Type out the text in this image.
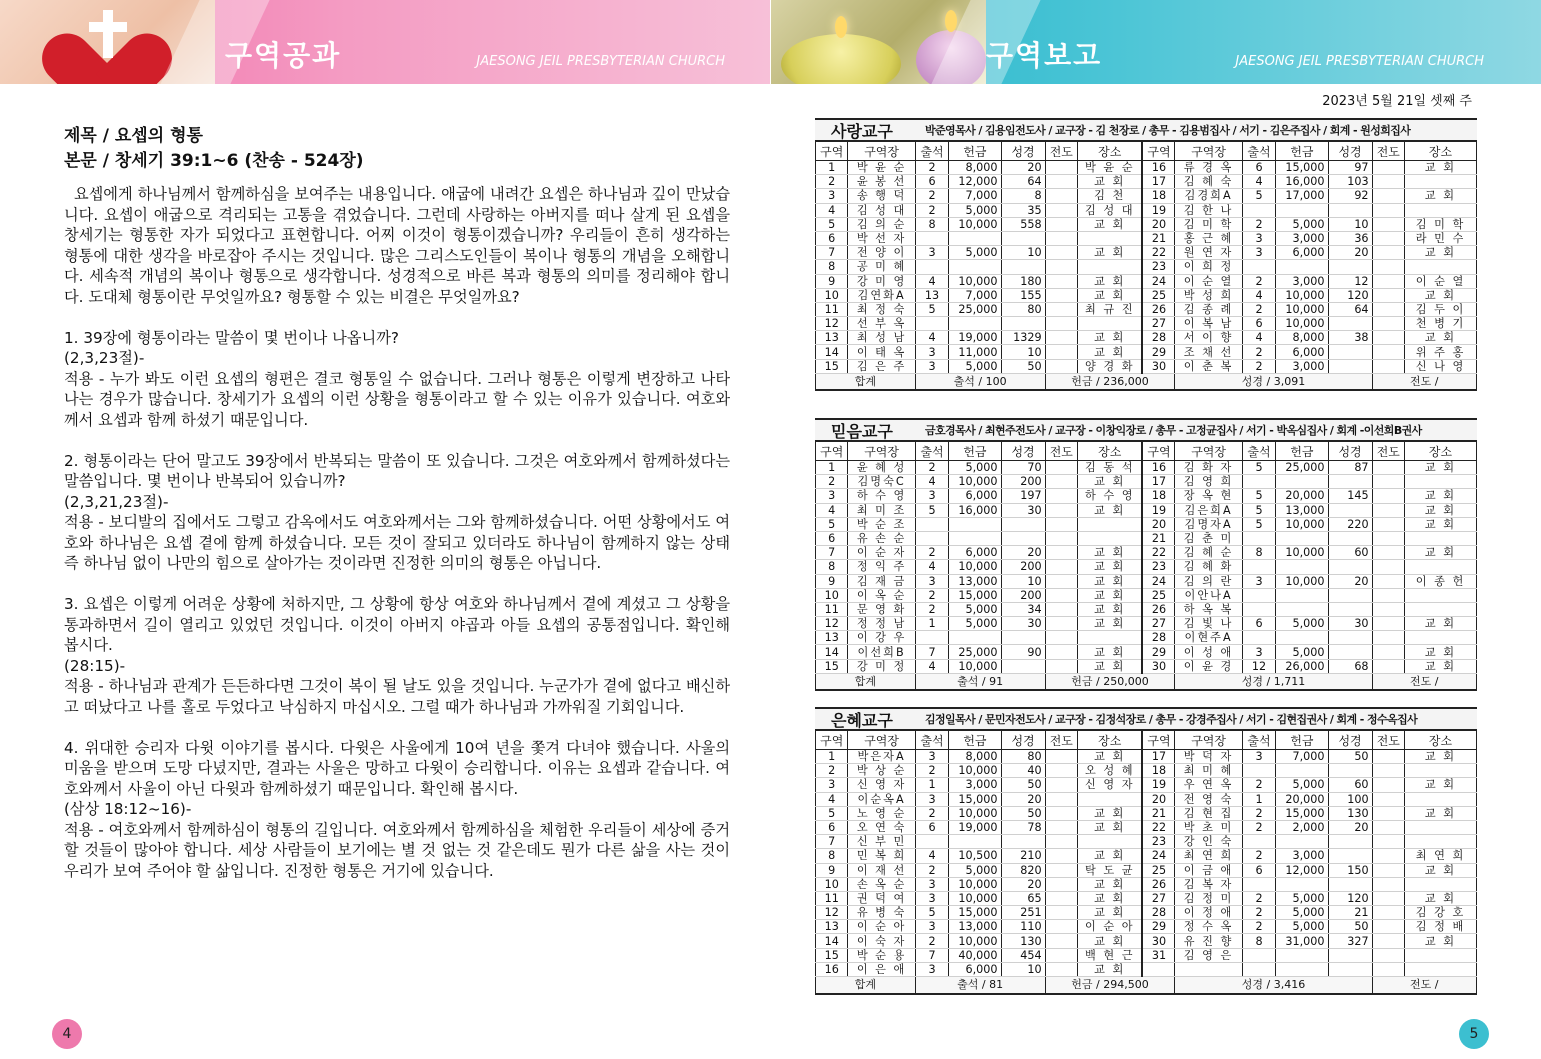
구역공과	JAESONG JEIL PRESBYTERIAN CHURCH	구역보고	JAESONG JEIL PRESBYTERIAN CHURCH
제목 / 요셉의 형통
본문 / 창세기 39:1~6 (찬송 - 524장)
요셉에게 하나님께서 함께하심을 보여주는 내용입니다. 애굽에 내려간 요셉은 하나님과 깊이 만났습니다. 요셉이 애굽으로 격리되는 고통을 겪었습니다. 그런데 사랑하는 아버지를 떠나 살게 된 요셉을 창세기는 형통한 자가 되었다고 표현합니다. 어찌 이것이 형통이겠습니까? 우리들이 흔히 생각하는 형통에 대한 생각을 바로잡아 주시는 것입니다. 많은 그리스도인들이 복이나 형통의 개념을 오해합니다. 세속적 개념의 복이나 형통으로 생각합니다. 성경적으로 바른 복과 형통의 의미를 정리해야 합니다. 도대체 형통이란 무엇일까요? 형통할 수 있는 비결은 무엇일까요?

1. 39장에 형통이라는 말씀이 몇 번이나 나옵니까?
(2,3,23절)-
적용 - 누가 봐도 이런 요셉의 형편은 결코 형통일 수 없습니다. 그러나 형통은 이렇게 변장하고 나타나는 경우가 많습니다. 창세기가 요셉의 이런 상황을 형통이라고 할 수 있는 이유가 있습니다. 여호와께서 요셉과 함께 하셨기 때문입니다.

2. 형통이라는 단어 말고도 39장에서 반복되는 말씀이 또 있습니다. 그것은 여호와께서 함께하셨다는 말씀입니다. 몇 번이나 반복되어 있습니까?
(2,3,21,23절)-
적용 - 보디발의 집에서도 그렇고 감옥에서도 여호와께서는 그와 함께하셨습니다. 어떤 상황에서도 여호와 하나님은 요셉 곁에 함께 하셨습니다. 모든 것이 잘되고 있더라도 하나님이 함께하지 않는 상태 즉 하나님 없이 나만의 힘으로 살아가는 것이라면 진정한 의미의 형통은 아닙니다.

3. 요셉은 이렇게 어려운 상황에 처하지만, 그 상황에 항상 여호와 하나님께서 곁에 계셨고 그 상황을 통과하면서 길이 열리고 있었던 것입니다. 이것이 아버지 야곱과 아들 요셉의 공통점입니다. 확인해 봅시다.
(28:15)-
적용 - 하나님과 관계가 든든하다면 그것이 복이 될 날도 있을 것입니다. 누군가가 곁에 없다고 배신하고 떠났다고 나를 홀로 두었다고 낙심하지 마십시오. 그럴 때가 하나님과 가까워질 기회입니다.

4. 위대한 승리자 다윗 이야기를 봅시다. 다윗은 사울에게 10여 년을 쫓겨 다녀야 했습니다. 사울의 미움을 받으며 도망 다녔지만, 결과는 사울은 망하고 다윗이 승리합니다. 이유는 요셉과 같습니다. 여호와께서 사울이 아닌 다윗과 함께하셨기 때문입니다. 확인해 봅시다.
(삼상 18:12~16)-
적용 - 여호와께서 함께하심이 형통의 길입니다. 여호와께서 함께하심을 체험한 우리들이 세상에 증거 할 것들이 많아야 합니다. 세상 사람들이 보기에는 별 것 없는 것 같은데도 뭔가 다른 삶을 사는 것이 우리가 보여 주어야 할 삶입니다. 진정한 형통은 거기에 있습니다.
2023년 5월 21일 셋째 주
사랑교구	박준영목사 / 김용임전도사 / 교구장 - 김 천장로 / 총무 - 김용범집사 / 서기 - 김은주집사 / 회계 - 원성희집사
구역	구역장	출석	헌금	성경	전도	장소	구역	구역장	출석	헌금	성경	전도	장소
1	박 윤 순	2	8,000	20		박 윤 순	16	류 경 옥	6	15,000	97		교 회
2	윤 봉 선	6	12,000	64		교 회	17	김 혜 숙	4	16,000	103		
3	송 행 덕	2	7,000	8		김 천	18	김경희A	5	17,000	92		교 회
4	김 성 대	2	5,000	35		김 성 대	19	김 한 나					
5	김 의 순	8	10,000	558		교 회	20	김 미 학	2	5,000	10		김 미 학
6	박 선 자						21	홍 근 혜	3	3,000	36		라 민 수
7	전 양 이	3	5,000	10		교 회	22	원 연 자	3	6,000	20		교 회
8	공 미 혜						23	이 희 정					
9	강 미 영	4	10,000	180		교 회	24	이 순 열	2	3,000	12		이 순 열
10	김연화A	13	7,000	155		교 회	25	박 성 희	4	10,000	120		교 회
11	최 정 숙	5	25,000	80		최 규 진	26	김 종 례	2	10,000	64		김 두 이
12	선 부 옥						27	이 복 남	6	10,000			천 병 기
13	최 성 남	4	19,000	1329		교 회	28	서 이 향	4	8,000	38		교 회
14	이 태 옥	3	11,000	10		교 회	29	조 채 선	2	6,000			위 주 홍
15	김 은 주	3	5,000	50		양 경 화	30	이 춘 복	2	3,000			신 나 영
합계		출석 / 100			헌금 / 236,000			성경 / 3,091				전도 /	
믿음교구	금호경목사 / 최현주전도사 / 교구장 - 이창익장로 / 총무 - 고정균집사 / 서기 - 박옥심집사 / 회계 -이선희B권사
구역	구역장	출석	헌금	성경	전도	장소	구역	구역장	출석	헌금	성경	전도	장소
1	윤 혜 성	2	5,000	70		김 동 석	16	김 화 자	5	25,000	87		교 회
2	김명숙C	4	10,000	200		교 회	17	김 영 희					
3	하 수 영	3	6,000	197		하 수 영	18	장 옥 현	5	20,000	145		교 회
4	최 미 조	5	16,000	30		교 회	19	김은희A	5	13,000			교 회
5	박 순 조						20	김명자A	5	10,000	220		교 회
6	유 손 순						21	김 춘 미					
7	이 순 자	2	6,000	20		교 회	22	김 혜 순	8	10,000	60		교 회
8	정 익 주	4	10,000	200		교 회	23	김 혜 화					
9	김 재 금	3	13,000	10		교 회	24	김 의 란	3	10,000	20		이 종 헌
10	이 옥 순	2	15,000	200		교 회	25	이안나A					
11	문 영 화	2	5,000	34		교 회	26	하 옥 복					
12	정 정 남	1	5,000	30		교 회	27	김 빛 나	6	5,000	30		교 회
13	이 강 우						28	이현주A					
14	이선희B	7	25,000	90		교 회	29	이 성 애	3	5,000			교 회
15	강 미 정	4	10,000			교 회	30	이 윤 경	12	26,000	68		교 회
합계		출석 / 91			헌금 / 250,000			성경 / 1,711				전도 /	
은혜교구	김정일목사 / 문민자전도사 / 교구장 - 김정석장로 / 총무 - 강경주집사 / 서기 - 김현집권사 / 회계 - 정수옥집사
구역	구역장	출석	헌금	성경	전도	장소	구역	구역장	출석	헌금	성경	전도	장소
1	박은자A	3	8,000	80		교 회	17	박 덕 자	3	7,000	50		교 회
2	박 상 순	2	10,000	40		오 성 혜	18	최 미 혜					
3	신 영 자	1	3,000	50		신 영 자	19	우 연 옥	2	5,000	60		교 회
4	이순옥A	3	15,000	20			20	전 영 숙	1	20,000	100		
5	노 영 순	2	10,000	50		교 회	21	김 현 집	2	15,000	130		교 회
6	오 연 숙	6	19,000	78		교 회	22	박 초 미	2	2,000	20		
7	신 부 민						23	강 인 숙					
8	민 복 희	4	10,500	210		교 회	24	최 연 희	2	3,000			최 연 희
9	이 재 선	2	5,000	820		탁 도 균	25	이 금 애	6	12,000	150		교 회
10	손 옥 순	3	10,000	20		교 회	26	김 복 자					
11	권 덕 여	3	10,000	65		교 회	27	김 정 미	2	5,000	120		교 회
12	유 병 숙	5	15,000	251		교 회	28	이 정 애	2	5,000	21		김 강 호
13	이 순 아	3	13,000	110		이 순 아	29	정 수 옥	2	5,000	50		김 정 배
14	이 숙 자	2	10,000	130		교 회	30	유 진 향	8	31,000	327		교 회
15	박 순 용	7	40,000	454		백 현 근	31	김 영 은					
16	이 은 애	3	6,000	10		교 회							
합계		출석 / 81			헌금 / 294,500			성경 / 3,416				전도 /	
4	5
